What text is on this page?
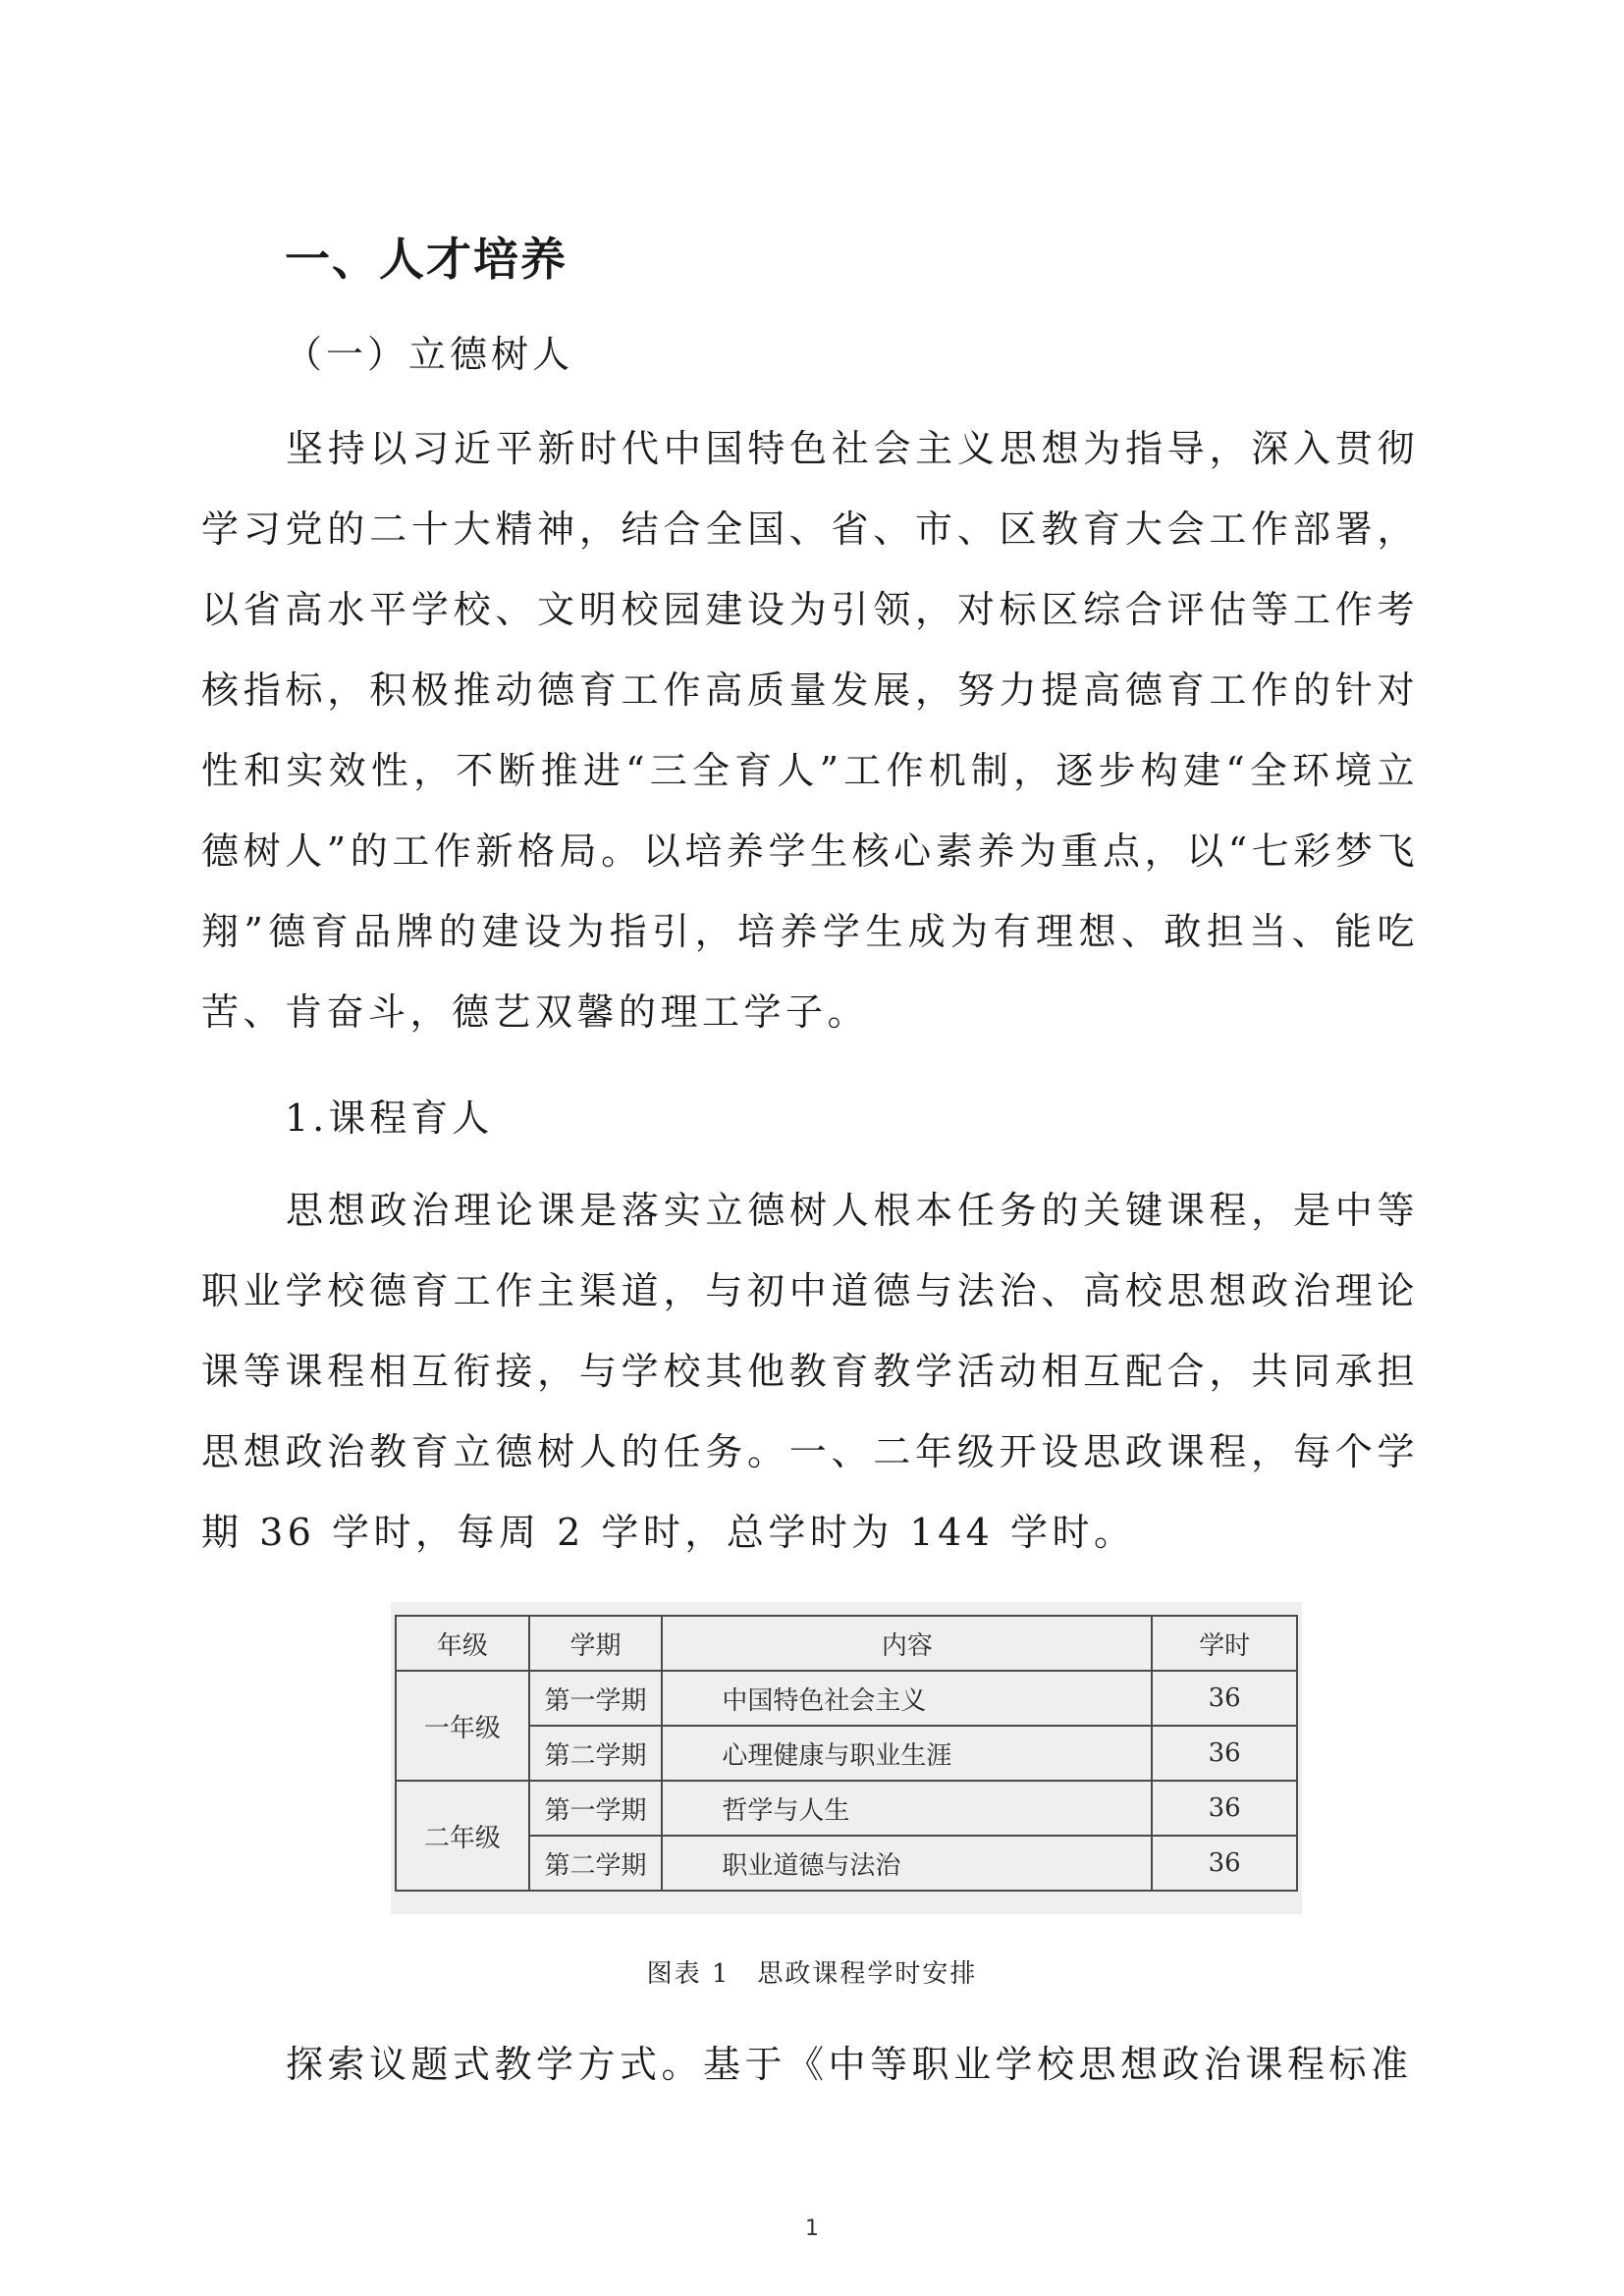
一、人才培养
（一）立德树人

坚持以习近平新时代中国特色社会主义思想为指导，深入贯彻学习党的二十大精神，结合全国、省、市、区教育大会工作部署，以省高水平学校、文明校园建设为引领，对标区综合评估等工作考核指标，积极推动德育工作高质量发展，努力提高德育工作的针对性和实效性，不断推进“三全育人”工作机制，逐步构建“全环境立德树人”的工作新格局。以培养学生核心素养为重点，以“七彩梦飞翔”德育品牌的建设为指引，培养学生成为有理想、敢担当、能吃苦、肯奋斗，德艺双馨的理工学子。

1.课程育人

思想政治理论课是落实立德树人根本任务的关键课程，是中等职业学校德育工作主渠道，与初中道德与法治、高校思想政治理论课等课程相互衔接，与学校其他教育教学活动相互配合，共同承担思想政治教育立德树人的任务。一、二年级开设思政课程，每个学期 36 学时，每周 2 学时，总学时为 144 学时。

年级	学期	内容	学时
一年级	第一学期	中国特色社会主义	36
	第二学期	心理健康与职业生涯	36
二年级	第一学期	哲学与人生	36
	第二学期	职业道德与法治	36
图表 1　思政课程学时安排

探索议题式教学方式。基于《中等职业学校思想政治课程标准

1
